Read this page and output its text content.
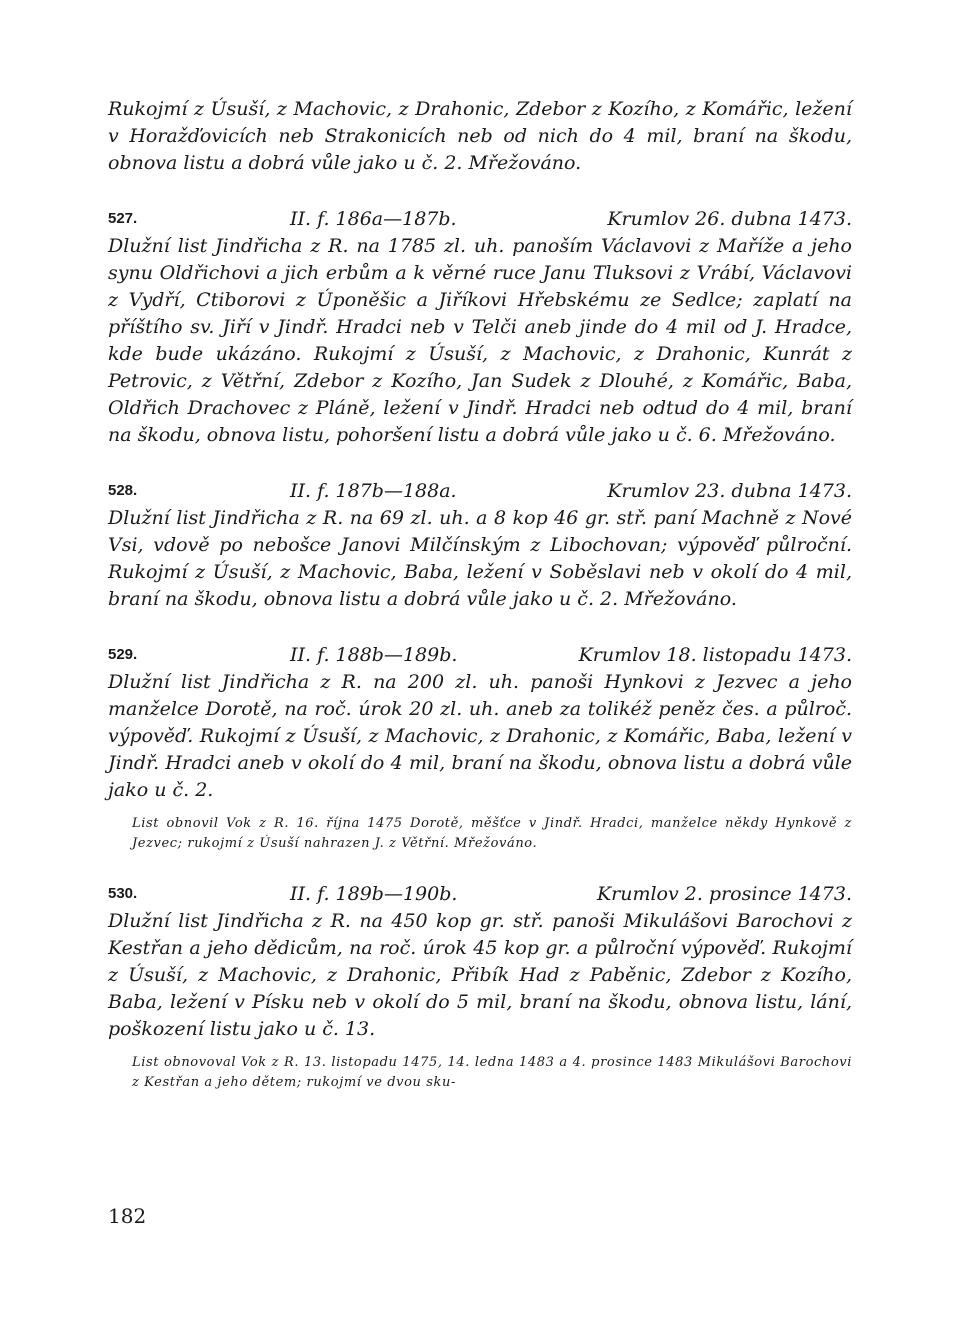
Rukojmí z Úsuší, z Machovic, z Drahonic, Zdebor z Kozího, z Komářic, ležení v Horažďovicích neb Strakonicích neb od nich do 4 mil, braní na škodu, obnova listu a dobrá vůle jako u č. 2. Mřežováno.

527.	II. f. 186a—187b.	Krumlov 26. dubna 1473.

Dlužní list Jindřicha z R. na 1785 zl. uh. panoším Václavovi z Maříže a jeho synu Oldřichovi a jich erbům a k věrné ruce Janu Tluksovi z Vrábí, Václavovi z Vydří, Ctiborovi z Úponěšic a Jiříkovi Hřebskému ze Sedlce; zaplatí na příštího sv. Jiří v Jindř. Hradci neb v Telči aneb jinde do 4 mil od J. Hradce, kde bude ukázáno. Rukojmí z Úsuší, z Machovic, z Drahonic, Kunrát z Petrovic, z Větřní, Zdebor z Kozího, Jan Sudek z Dlouhé, z Komářic, Baba, Oldřich Drachovec z Pláně, ležení v Jindř. Hradci neb odtud do 4 mil, braní na škodu, obnova listu, pohoršení listu a dobrá vůle jako u č. 6. Mřežováno.

528.	II. f. 187b—188a.	Krumlov 23. dubna 1473.

Dlužní list Jindřicha z R. na 69 zl. uh. a 8 kop 46 gr. stř. paní Machně z Nové Vsi, vdově po nebošce Janovi Milčínským z Libochovan; výpověď půlroční. Rukojmí z Úsuší, z Machovic, Baba, ležení v Soběslavi neb v okolí do 4 mil, braní na škodu, obnova listu a dobrá vůle jako u č. 2. Mřežováno.

529.	II. f. 188b—189b.	Krumlov 18. listopadu 1473.

Dlužní list Jindřicha z R. na 200 zl. uh. panoši Hynkovi z Jezvec a jeho manželce Dorotě, na roč. úrok 20 zl. uh. aneb za tolikéž peněz čes. a půlroč. výpověď. Rukojmí z Úsuší, z Machovic, z Drahonic, z Komářic, Baba, ležení v Jindř. Hradci aneb v okolí do 4 mil, braní na škodu, obnova listu a dobrá vůle jako u č. 2.

List obnovil Vok z R. 16. října 1475 Dorotě, měšťce v Jindř. Hradci, manželce někdy Hynkově z Jezvec; rukojmí z Úsuší nahrazen J. z Větřní. Mřežováno.

530.	II. f. 189b—190b.	Krumlov 2. prosince 1473.

Dlužní list Jindřicha z R. na 450 kop gr. stř. panoši Mikulášovi Barochovi z Kestřan a jeho dědicům, na roč. úrok 45 kop gr. a půlroční výpověď. Rukojmí z Úsuší, z Machovic, z Drahonic, Přibík Had z Paběnic, Zdebor z Kozího, Baba, ležení v Písku neb v okolí do 5 mil, braní na škodu, obnova listu, lání, poškození listu jako u č. 13.

List obnovoval Vok z R. 13. listopadu 1475, 14. ledna 1483 a 4. prosince 1483 Mikulášovi Barochovi z Kestřan a jeho dětem; rukojmí ve dvou sku-

182
